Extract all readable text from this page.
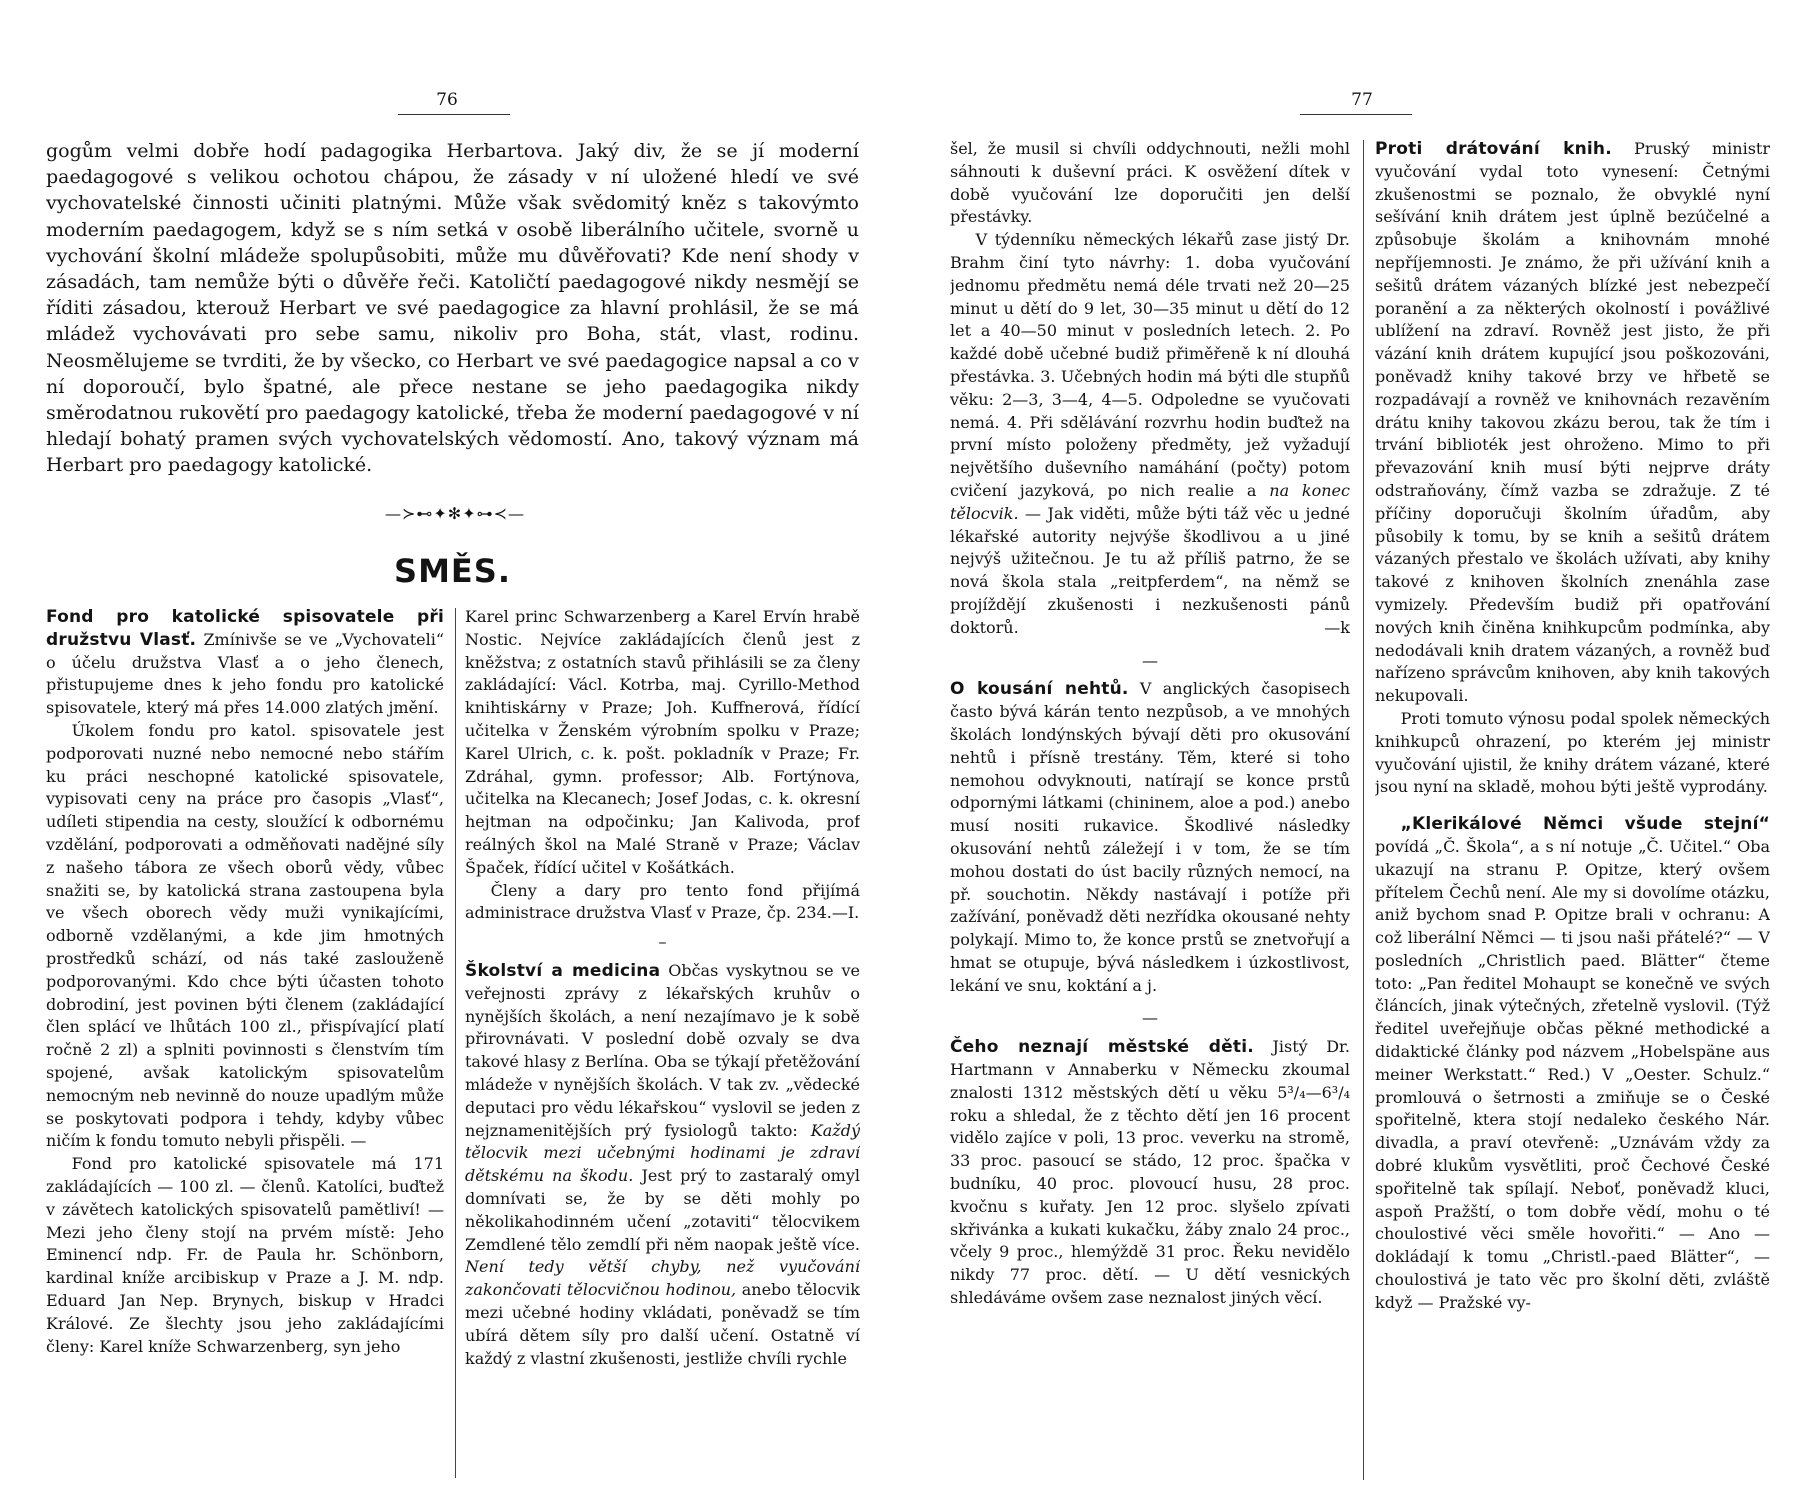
76

gogům velmi dobře hodí padagogika Herbartova. Jaký div, že se jí moderní paedagogové s velikou ochotou chápou, že zásady v ní uložené hledí ve své vychovatelské činnosti učiniti platnými. Může však svědomitý kněz s takovýmto moderním paedagogem, když se s ním setká v osobě liberálního učitele, svorně u vychování školní mládeže spolupůsobiti, může mu důvěřovati? Kde není shody v zásadách, tam nemůže býti o důvěře řeči. Katoličtí paedagogové nikdy nesmějí se říditi zásadou, kterouž Herbart ve své paedagogice za hlavní prohlásil, že se má mládež vychovávati pro sebe samu, nikoliv pro Boha, stát, vlast, rodinu. Neosmělujeme se tvrditi, že by všecko, co Herbart ve své paedagogice napsal a co v ní doporoučí, bylo špatné, ale přece nestane se jeho paedagogika nikdy směrodatnou rukovětí pro paedagogy katolické, třeba že moderní paedagogové v ní hledají bohatý pramen svých vychovatelských vědomostí. Ano, takový význam má Herbart pro paedagogy katolické.

—≻⊷✦✻✦⊶≺—
SMĚS.

Fond pro katolické spisovatele při družstvu Vlasť. Zmínivše se ve „Vychovateli“ o účelu družstva Vlasť a o jeho členech, přistupujeme dnes k jeho fondu pro katolické spisovatele, který má přes 14.000 zlatých jmění.

Úkolem fondu pro katol. spisovatele jest podporovati nuzné nebo nemocné nebo stářím ku práci neschopné katolické spisovatele, vypisovati ceny na práce pro časopis „Vlasť“, udíleti stipendia na cesty, sloužící k odbornému vzdělání, podporovati a odměňovati nadějné síly z našeho tábora ze všech oborů vědy, vůbec snažiti se, by katolická strana zastoupena byla ve všech oborech vědy muži vynikajícími, odborně vzdělanými, a kde jim hmotných prostředků schází, od nás také zaslouženě podporovanými. Kdo chce býti účasten tohoto dobrodiní, jest povinen býti členem (zakládající člen splácí ve lhůtách 100 zl., přispívající platí ročně 2 zl) a splniti povinnosti s členstvím tím spojené, avšak katolickým spisovatelům nemocným neb nevinně do nouze upadlým může se poskytovati podpora i tehdy, kdyby vůbec ničím k fondu tomuto nebyli přispěli. —

Fond pro katolické spisovatele má 171 zakládajících — 100 zl. — členů. Katolíci, buďtež v závětech katolických spisovatelů pamětliví! — Mezi jeho členy stojí na prvém místě: Jeho Eminencí ndp. Fr. de Paula hr. Schönborn, kardinal kníže arcibiskup v Praze a J. M. ndp. Eduard Jan Nep. Brynych, biskup v Hradci Králové. Ze šlechty jsou jeho zakládajícími členy: Karel kníže Schwarzenberg, syn jeho

Karel princ Schwarzenberg a Karel Ervín hrabě Nostic. Nejvíce zakládajících členů jest z kněžstva; z ostatních stavů přihlásili se za členy zakládající: Václ. Kotrba, maj. Cyrillo-Method knihtiskárny v Praze; Joh. Kuffnerová, řídící učitelka v Ženském výrobním spolku v Praze; Karel Ulrich, c. k. pošt. pokladník v Praze; Fr. Zdráhal, gymn. professor; Alb. Fortýnova, učitelka na Klecanech; Josef Jodas, c. k. okresní hejtman na odpočinku; Jan Kalivoda, prof reálných škol na Malé Straně v Praze; Václav Špaček, řídící učitel v Košátkách.

Členy a dary pro tento fond přijímá administrace družstva Vlasť v Praze, čp. 234.—I.

–

Školství a medicina Občas vyskytnou se ve veřejnosti zprávy z lékařských kruhův o nynějších školách, a není nezajímavo je k sobě přirovnávati. V poslední době ozvaly se dva takové hlasy z Berlína. Oba se týkají přetěžování mládeže v nynějších školách. V tak zv. „vědecké deputaci pro vědu lékařskou“ vyslovil se jeden z nejznamenitějších prý fysiologů takto: Každý tělocvik mezi učebnými hodinami je zdraví dětskému na škodu. Jest prý to zastaralý omyl domnívati se, že by se děti mohly po několikahodinném učení „zotaviti“ tělocvikem Zemdlené tělo zemdlí při něm naopak ještě více. Není tedy větší chyby, než vyučování zakončovati tělocvičnou hodinou, anebo tělocvik mezi učebné hodiny vkládati, poněvadž se tím ubírá dětem síly pro další učení. Ostatně ví každý z vlastní zkušenosti, jestliže chvíli rychle

77

šel, že musil si chvíli oddychnouti, nežli mohl sáhnouti k duševní práci. K osvěžení dítek v době vyučování lze doporučiti jen delší přestávky.

V týdenníku německých lékařů zase jistý Dr. Brahm činí tyto návrhy: 1. doba vyučování jednomu předmětu nemá déle trvati než 20—25 minut u dětí do 9 let, 30—35 minut u dětí do 12 let a 40—50 minut v posledních letech. 2. Po každé době učebné budiž přiměřeně k ní dlouhá přestávka. 3. Učebných hodin má býti dle stupňů věku: 2—3, 3—4, 4—5. Odpoledne se vyučovati nemá. 4. Při sdělávání rozvrhu hodin buďtež na první místo položeny předměty, jež vyžadují největšího duševního namáhání (počty) potom cvičení jazyková, po nich realie a na konec tělocvik. — Jak viděti, může býti táž věc u jedné lékařské autority nejvýše škodlivou a u jiné nejvýš užitečnou. Je tu až příliš patrno, že se nová škola stala „reitpferdem“, na němž se projíždějí zkušenosti i nezkušenosti pánů doktorů.	—k

—

O kousání nehtů. V anglických časopisech často bývá kárán tento nezpůsob, a ve mnohých školách londýnských bývají děti pro okusování nehtů i přísně trestány. Těm, které si toho nemohou odvyknouti, natírají se konce prstů odpornými látkami (chininem, aloe a pod.) anebo musí nositi rukavice. Škodlivé následky okusování nehtů záležejí i v tom, že se tím mohou dostati do úst bacily různých nemocí, na př. souchotin. Někdy nastávají i potíže při zažívání, poněvadž děti nezřídka okousané nehty polykají. Mimo to, že konce prstů se znetvořují a hmat se otupuje, bývá následkem i úzkostlivost, lekání ve snu, koktání a j.

—

Čeho neznají městské děti. Jistý Dr. Hartmann v Annaberku v Německu zkoumal znalosti 1312 městských dětí u věku 5³/₄—6³/₄ roku a shledal, že z těchto dětí jen 16 procent vidělo zajíce v poli, 13 proc. veverku na stromě, 33 proc. pasoucí se stádo, 12 proc. špačka v budníku, 40 proc. plovoucí husu, 28 proc. kvočnu s kuřaty. Jen 12 proc. slyšelo zpívati skřivánka a kukati kukačku, žáby znalo 24 proc., včely 9 proc., hlemýždě 31 proc. Řeku nevidělo nikdy 77 proc. dětí. — U dětí vesnických shledáváme ovšem zase neznalost jiných věcí.

Proti drátování knih. Pruský ministr vyučování vydal toto vynesení: Četnými zkušenostmi se poznalo, že obvyklé nyní sešívání knih drátem jest úplně bezúčelné a způsobuje školám a knihovnám mnohé nepříjemnosti. Je známo, že při užívání knih a sešitů drátem vázaných blízké jest nebezpečí poranění a za některých okolností i povážlivé ublížení na zdraví. Rovněž jest jisto, že při vázání knih drátem kupující jsou poškozováni, poněvadž knihy takové brzy ve hřbetě se rozpadávají a rovněž ve knihovnách rezavěním drátu knihy takovou zkázu berou, tak že tím i trvání biblioték jest ohroženo. Mimo to při převazování knih musí býti nejprve dráty odstraňovány, čímž vazba se zdražuje. Z té příčiny doporučuji školním úřadům, aby působily k tomu, by se knih a sešitů drátem vázaných přestalo ve školách užívati, aby knihy takové z knihoven školních znenáhla zase vymizely. Především budiž při opatřování nových knih činěna knihkupcům podmínka, aby nedodávali knih dratem vázaných, a rovněž buď nařízeno správcům knihoven, aby knih takových nekupovali.

Proti tomuto výnosu podal spolek německých knihkupců ohrazení, po kterém jej ministr vyučování ujistil, že knihy drátem vázané, které jsou nyní na skladě, mohou býti ještě vyprodány.

„Klerikálové Němci všude stejní“ povídá „Č. Škola“, a s ní notuje „Č. Učitel.“ Oba ukazují na stranu P. Opitze, který ovšem přítelem Čechů není. Ale my si dovolíme otázku, aniž bychom snad P. Opitze brali v ochranu: A což liberální Němci — ti jsou naši přátelé?“ — V posledních „Christlich paed. Blätter“ čteme toto: „Pan ředitel Mohaupt se konečně ve svých článcích, jinak výtečných, zřetelně vyslovil. (Týž ředitel uveřejňuje občas pěkné methodické a didaktické články pod názvem „Hobelspäne aus meiner Werkstatt.“ Red.) V „Oester. Schulz.“ promlouvá o šetrnosti a zmiňuje se o České spořitelně, ktera stojí nedaleko českého Nár. divadla, a praví otevřeně: „Uznávám vždy za dobré klukům vysvětliti, proč Čechové České spořitelně tak spílají. Neboť, poněvadž kluci, aspoň Pražští, o tom dobře vědí, mohu o té choulostivé věci směle hovořiti.“ — Ano — dokládají k tomu „Christl.-paed Blätter“, — choulostivá je tato věc pro školní děti, zvláště když — Pražské vy-
